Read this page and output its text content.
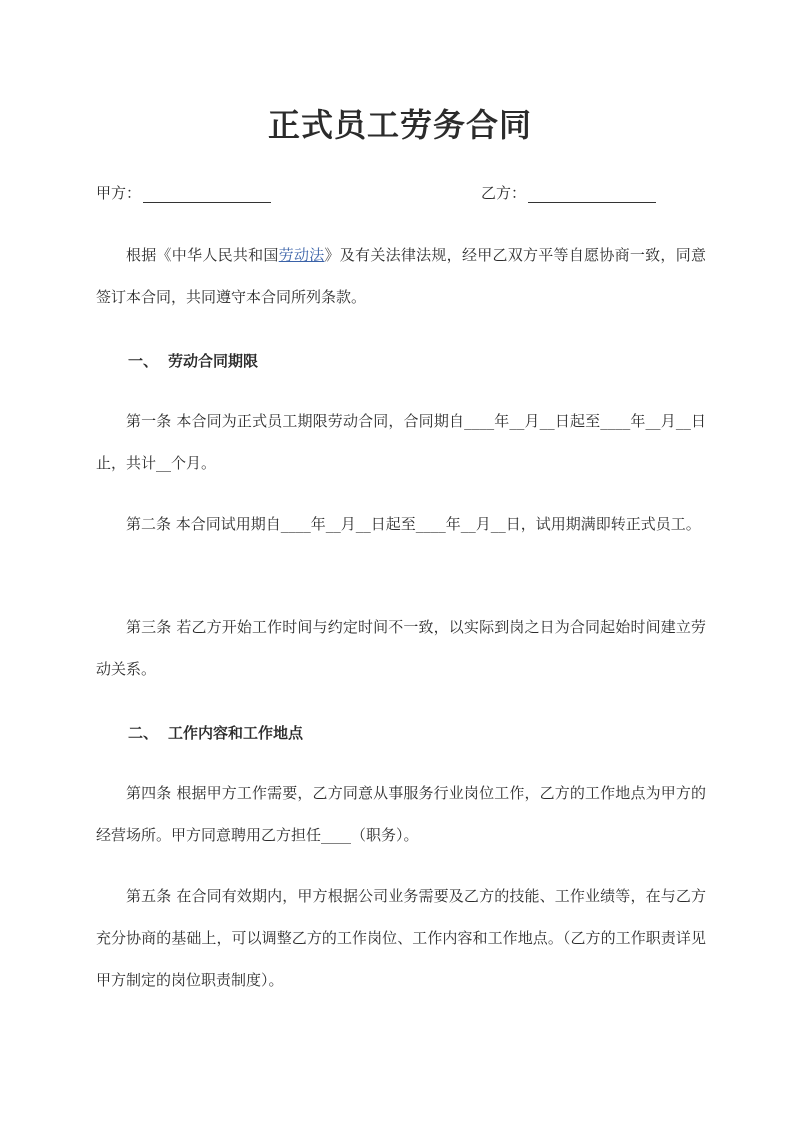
正式员工劳务合同
甲方：	乙方：

根据《中华人民共和国劳动法》及有关法律法规，经甲乙双方平等自愿协商一致，同意签订本合同，共同遵守本合同所列条款。

一、 劳动合同期限

第一条 本合同为正式员工期限劳动合同，合同期自____年__月__日起至____年__月__日止，共计__个月。

第二条 本合同试用期自____年__月__日起至____年__月__日，试用期满即转正式员工。

第三条 若乙方开始工作时间与约定时间不一致，以实际到岗之日为合同起始时间建立劳动关系。

二、 工作内容和工作地点

第四条 根据甲方工作需要，乙方同意从事服务行业岗位工作，乙方的工作地点为甲方的经营场所。甲方同意聘用乙方担任____（职务）。

第五条 在合同有效期内，甲方根据公司业务需要及乙方的技能、工作业绩等，在与乙方充分协商的基础上，可以调整乙方的工作岗位、工作内容和工作地点。（乙方的工作职责详见甲方制定的岗位职责制度）。
